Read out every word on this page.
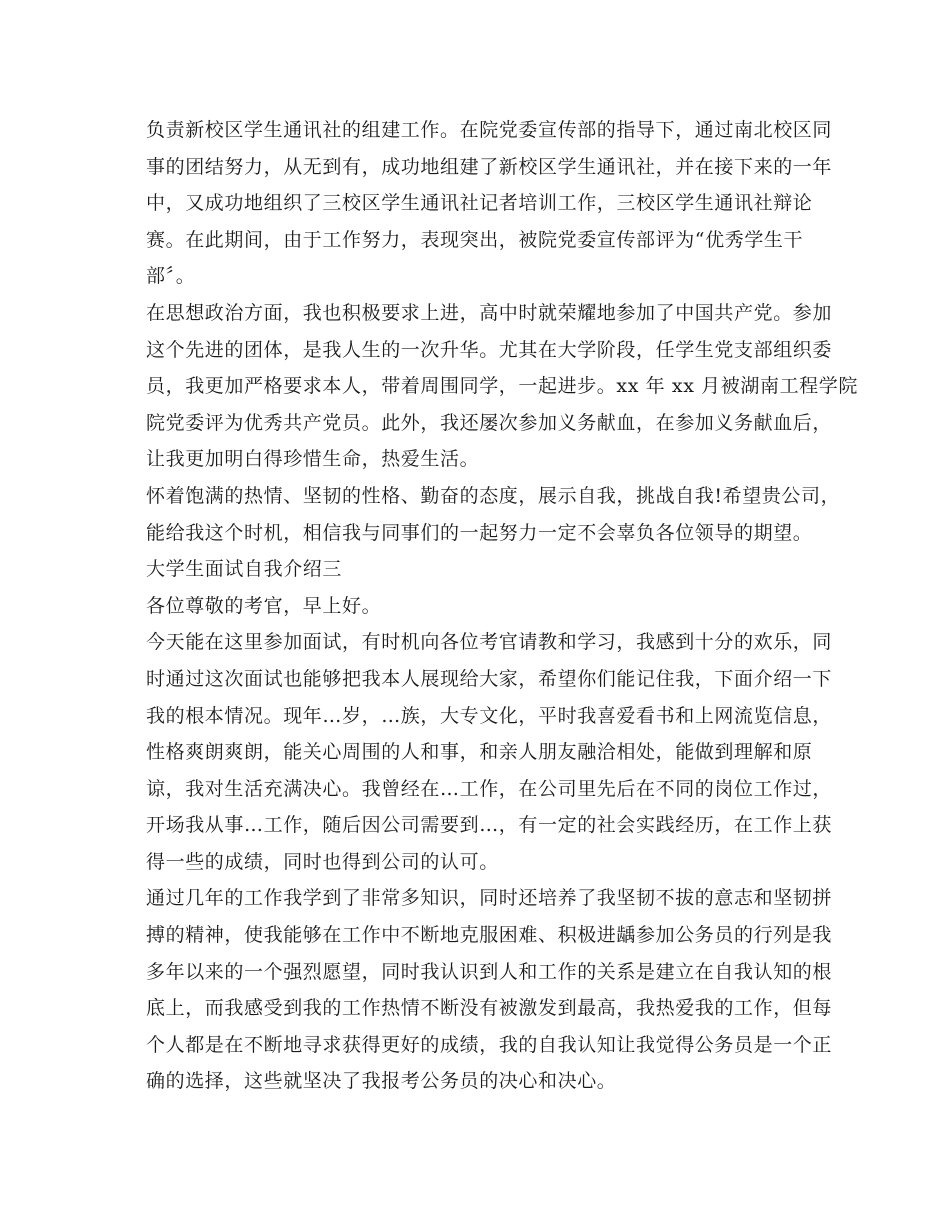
负责新校区学生通讯社的组建工作。在院党委宣传部的指导下，通过南北校区同
事的团结努力，从无到有，成功地组建了新校区学生通讯社，并在接下来的一年
中，又成功地组织了三校区学生通讯社记者培训工作，三校区学生通讯社辩论
赛。在此期间，由于工作努力，表现突出，被院党委宣传部评为“优秀学生干
部〞。
在思想政治方面，我也积极要求上进，高中时就荣耀地参加了中国共产党。参加
这个先进的团体，是我人生的一次升华。尤其在大学阶段，任学生党支部组织委
员，我更加严格要求本人，带着周围同学，一起进步。xx 年 xx 月被湖南工程学院
院党委评为优秀共产党员。此外，我还屡次参加义务献血，在参加义务献血后，
让我更加明白得珍惜生命，热爱生活。
怀着饱满的热情、坚韧的性格、勤奋的态度，展示自我，挑战自我!希望贵公司，
能给我这个时机，相信我与同事们的一起努力一定不会辜负各位领导的期望。
大学生面试自我介绍三
各位尊敬的考官，早上好。
今天能在这里参加面试，有时机向各位考官请教和学习，我感到十分的欢乐，同
时通过这次面试也能够把我本人展现给大家，希望你们能记住我，下面介绍一下
我的根本情况。现年…岁，…族，大专文化，平时我喜爱看书和上网流览信息，
性格爽朗爽朗，能关心周围的人和事，和亲人朋友融洽相处，能做到理解和原
谅，我对生活充满决心。我曾经在…工作，在公司里先后在不同的岗位工作过，
开场我从事…工作，随后因公司需要到…，有一定的社会实践经历，在工作上获
得一些的成绩，同时也得到公司的认可。
通过几年的工作我学到了非常多知识，同时还培养了我坚韧不拔的意志和坚韧拼
搏的精神，使我能够在工作中不断地克服困难、积极进龋参加公务员的行列是我
多年以来的一个强烈愿望，同时我认识到人和工作的关系是建立在自我认知的根
底上，而我感受到我的工作热情不断没有被激发到最高，我热爱我的工作，但每
个人都是在不断地寻求获得更好的成绩，我的自我认知让我觉得公务员是一个正
确的选择，这些就坚决了我报考公务员的决心和决心。
